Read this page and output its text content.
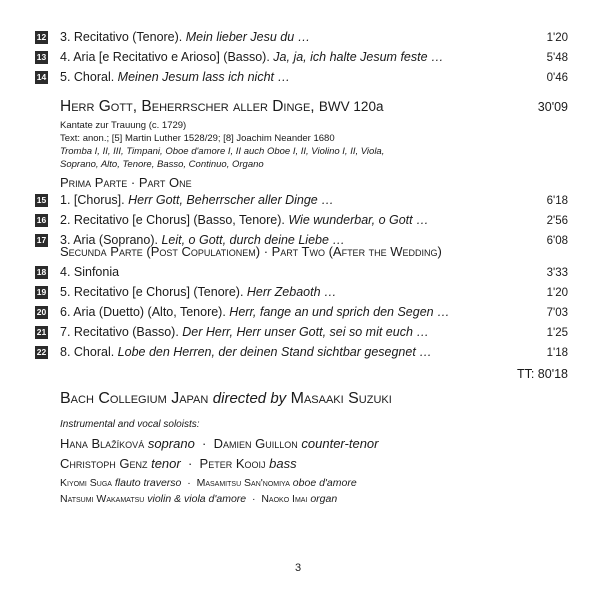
12 3. Recitativo (Tenore). Mein lieber Jesu du …	1'20
13 4. Aria [e Recitativo e Arioso] (Basso). Ja, ja, ich halte Jesum feste …	5'48
14 5. Choral. Meinen Jesum lass ich nicht …	0'46
Herr Gott, Beherrscher aller Dinge, BWV 120a	30'09
Kantate zur Trauung (c. 1729)
Text: anon.; [5] Martin Luther 1528/29; [8] Joachim Neander 1680
Tromba I, II, III, Timpani, Oboe d'amore I, II auch Oboe I, II, Violino I, II, Viola,
Soprano, Alto, Tenore, Basso, Continuo, Organo
Prima Parte · Part One
15 1. [Chorus]. Herr Gott, Beherrscher aller Dinge …	6'18
16 2. Recitativo [e Chorus] (Basso, Tenore). Wie wunderbar, o Gott …	2'56
17 3. Aria (Soprano). Leit, o Gott, durch deine Liebe …	6'08
Secunda Parte (Post Copulationem) · Part Two (After the Wedding)
18 4. Sinfonia	3'33
19 5. Recitativo [e Chorus] (Tenore). Herr Zebaoth …	1'20
20 6. Aria (Duetto) (Alto, Tenore). Herr, fange an und sprich den Segen …	7'03
21 7. Recitativo (Basso). Der Herr, Herr unser Gott, sei so mit euch …	1'25
22 8. Choral. Lobe den Herren, der deinen Stand sichtbar gesegnet …	1'18
TT: 80'18
Bach Collegium Japan directed by Masaaki Suzuki
Instrumental and vocal soloists:
Hana Blažíková soprano · Damien Guillon counter-tenor
Christoph Genz tenor · Peter Kooij bass
Kiyomi Suga flauto traverso · Masamitsu San'nomiya oboe d'amore
Natsumi Wakamatsu violin & viola d'amore · Naoko Imai organ
3
